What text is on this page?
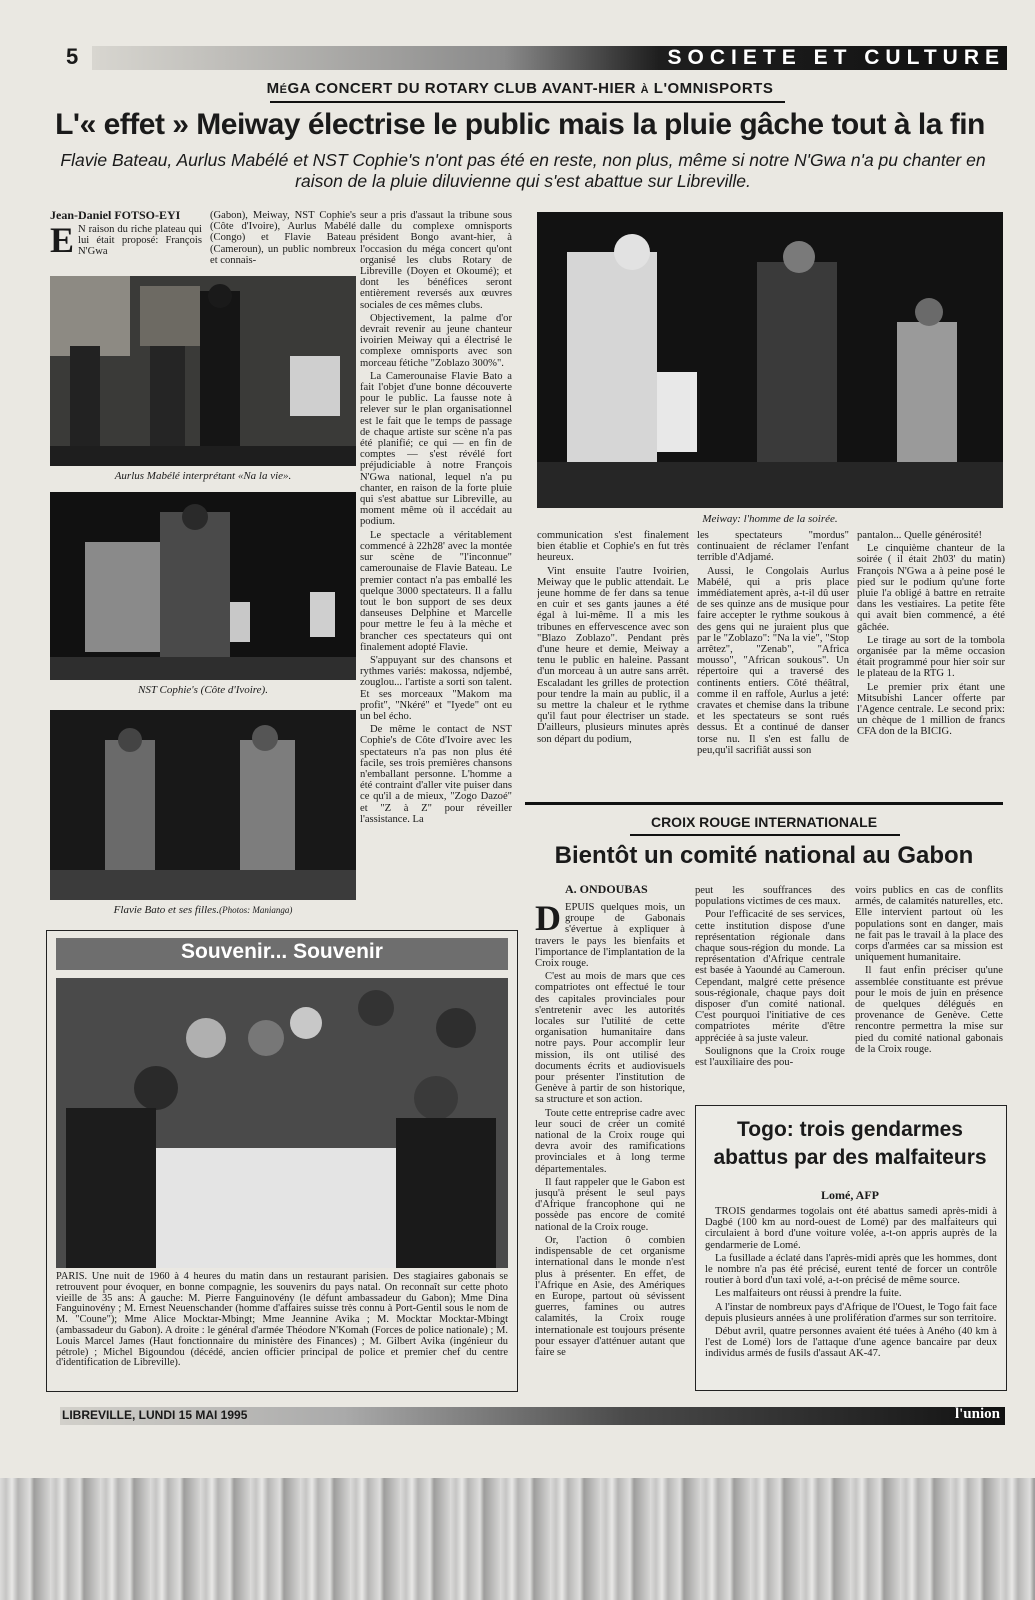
5	SOCIETE ET CULTURE
MéGA CONCERT DU ROTARY CLUB AVANT-HIER à L'OMNISPORTS
L'« effet » Meiway électrise le public mais la pluie gâche tout à la fin
Flavie Bateau, Aurlus Mabélé et NST Cophie's n'ont pas été en reste, non plus, même si notre N'Gwa n'a pu chanter en raison de la pluie diluvienne qui s'est abattue sur Libreville.
Jean-Daniel FOTSO-EYI
E N raison du riche plateau qui lui était proposé: François N'Gwa
(Gabon), Meiway, NST Cophie's (Côte d'Ivoire), Aurlus Mabélé (Congo) et Flavie Bateau (Cameroun), un public nombreux et connais-
Aurlus Mabélé interprétant «Na la vie».
NST Cophie's (Côte d'Ivoire).
Flavie Bato et ses filles.(Photos: Manianga)

seur a pris d'assaut la tribune sous dalle du complexe omnisports président Bongo avant-hier, à l'occasion du méga concert qu'ont organisé les clubs Rotary de Libreville (Doyen et Okoumé); et dont les bénéfices seront entièrement reversés aux œuvres sociales de ces mêmes clubs.

Objectivement, la palme d'or devrait revenir au jeune chanteur ivoirien Meiway qui a électrisé le complexe omnisports avec son morceau fétiche "Zoblazo 300%".

La Camerounaise Flavie Bato a fait l'objet d'une bonne découverte pour le public. La fausse note à relever sur le plan organisationnel est le fait que le temps de passage de chaque artiste sur scène n'a pas été planifié; ce qui — en fin de comptes — s'est révélé fort préjudiciable à notre François N'Gwa national, lequel n'a pu chanter, en raison de la forte pluie qui s'est abattue sur Libreville, au moment même où il accédait au podium.

Le spectacle a véritablement commencé à 22h28' avec la montée sur scène de "l'inconnue" camerounaise de Flavie Bateau. Le premier contact n'a pas emballé les quelque 3000 spectateurs. Il a fallu tout le bon support de ses deux danseuses Delphine et Marcelle pour mettre le feu à la mèche et brancher ces spectateurs qui ont finalement adopté Flavie.

S'appuyant sur des chansons et rythmes variés: makossa, ndjembé, zouglou... l'artiste a sorti son talent. Et ses morceaux "Makom ma profit", "Nkéré" et "Iyede" ont eu un bel écho.

De même le contact de NST Cophie's de Côte d'Ivoire avec les spectateurs n'a pas non plus été facile, ses trois premières chansons n'emballant personne. L'homme a été contraint d'aller vite puiser dans ce qu'il a de mieux, "Zogo Dazoé" et "Z à Z" pour réveiller l'assistance. La

Meiway: l'homme de la soirée.

communication s'est finalement bien établie et Cophie's en fut très heureux.

Vint ensuite l'autre Ivoirien, Meiway que le public attendait. Le jeune homme de fer dans sa tenue en cuir et ses gants jaunes a été égal à lui-même. Il a mis les tribunes en effervescence avec son "Blazo Zoblazo". Pendant près d'une heure et demie, Meiway a tenu le public en haleine. Passant d'un morceau à un autre sans arrêt. Escaladant les grilles de protection pour tendre la main au public, il a su mettre la chaleur et le rythme qu'il faut pour électriser un stade. D'ailleurs, plusieurs minutes après son départ du podium,

les spectateurs "mordus" continuaient de réclamer l'enfant terrible d'Adjamé.

Aussi, le Congolais Aurlus Mabélé, qui a pris place immédiatement après, a-t-il dû user de ses quinze ans de musique pour faire accepter le rythme soukous à des gens qui ne juraient plus que par le "Zoblazo": "Na la vie", "Stop arrêtez", "Zenab", "Africa mousso", "African soukous". Un répertoire qui a traversé des continents entiers. Côté théâtral, comme il en raffole, Aurlus a jeté: cravates et chemise dans la tribune et les spectateurs se sont rués dessus. Et a continué de danser torse nu. Il s'en est fallu de peu,qu'il sacrifiât aussi son

pantalon... Quelle générosité!

Le cinquième chanteur de la soirée ( il était 2h03' du matin) François N'Gwa a à peine posé le pied sur le podium qu'une forte pluie l'a obligé à battre en retraite dans les vestiaires. La petite fête qui avait bien commencé, a été gâchée.

Le tirage au sort de la tombola organisée par la même occasion était programmé pour hier soir sur le plateau de la RTG 1.

Le premier prix étant une Mitsubishi Lancer offerte par l'Agence centrale. Le second prix: un chèque de 1 million de francs CFA don de la BICIG.

Souvenir... Souvenir
PARIS. Une nuit de 1960 à 4 heures du matin dans un restaurant parisien. Des stagiaires gabonais se retrouvent pour évoquer, en bonne compagnie, les souvenirs du pays natal. On reconnaît sur cette photo vieille de 35 ans: A gauche: M. Pierre Fanguinovény (le défunt ambassadeur du Gabon); Mme Dina Fanguinovény ; M. Ernest Neuenschander (homme d'affaires suisse très connu à Port-Gentil sous le nom de M. "Coune"); Mme Alice Mocktar-Mbingt; Mme Jeannine Avika ; M. Mocktar Mocktar-Mbingt (ambassadeur du Gabon). A droite : le général d'armée Théodore N'Komah (Forces de police nationale) ; M. Louis Marcel James (Haut fonctionnaire du ministère des Finances) ; M. Gilbert Avika (ingénieur du pétrole) ; Michel Bigoundou (décédé, ancien officier principal de police et premier chef du centre d'identification de Libreville).
CROIX ROUGE INTERNATIONALE
Bientôt un comité national au Gabon
A. ONDOUBAS

DEPUIS quelques mois, un groupe de Gabonais s'évertue à expliquer à travers le pays les bienfaits et l'importance de l'implantation de la Croix rouge.

C'est au mois de mars que ces compatriotes ont effectué le tour des capitales provinciales pour s'entretenir avec les autorités locales sur l'utilité de cette organisation humanitaire dans notre pays. Pour accomplir leur mission, ils ont utilisé des documents écrits et audiovisuels pour présenter l'institution de Genève à partir de son historique, sa structure et son action.

Toute cette entreprise cadre avec leur souci de créer un comité national de la Croix rouge qui devra avoir des ramifications provinciales et à long terme départementales.

Il faut rappeler que le Gabon est jusqu'à présent le seul pays d'Afrique francophone qui ne possède pas encore de comité national de la Croix rouge.

Or, l'action ô combien indispensable de cet organisme international dans le monde n'est plus à présenter. En effet, de l'Afrique en Asie, des Amériques en Europe, partout où sévissent guerres, famines ou autres calamités, la Croix rouge internationale est toujours présente pour essayer d'atténuer autant que faire se

peut les souffrances des populations victimes de ces maux.

Pour l'efficacité de ses services, cette institution dispose d'une représentation régionale dans chaque sous-région du monde. La représentation d'Afrique centrale est basée à Yaoundé au Cameroun. Cependant, malgré cette présence sous-régionale, chaque pays doit disposer d'un comité national. C'est pourquoi l'initiative de ces compatriotes mérite d'être appréciée à sa juste valeur.

Soulignons que la Croix rouge est l'auxiliaire des pou-

voirs publics en cas de conflits armés, de calamités naturelles, etc. Elle intervient partout où les populations sont en danger, mais ne fait pas le travail à la place des corps d'armées car sa mission est uniquement humanitaire.

Il faut enfin préciser qu'une assemblée constituante est prévue pour le mois de juin en présence de quelques délégués en provenance de Genève. Cette rencontre permettra la mise sur pied du comité national gabonais de la Croix rouge.

Togo: trois gendarmes abattus par des malfaiteurs
Lomé, AFP

TROIS gendarmes togolais ont été abattus samedi après-midi à Dagbé (100 km au nord-ouest de Lomé) par des malfaiteurs qui circulaient à bord d'une voiture volée, a-t-on appris auprès de la gendarmerie de Lomé.

La fusillade a éclaté dans l'après-midi après que les hommes, dont le nombre n'a pas été précisé, eurent tenté de forcer un contrôle routier à bord d'un taxi volé, a-t-on précisé de même source.

Les malfaiteurs ont réussi à prendre la fuite.

A l'instar de nombreux pays d'Afrique de l'Ouest, le Togo fait face depuis plusieurs années à une prolifération d'armes sur son territoire.

Début avril, quatre personnes avaient été tuées à Aného (40 km à l'est de Lomé) lors de l'attaque d'une agence bancaire par deux individus armés de fusils d'assaut AK-47.

LIBREVILLE, LUNDI 15 MAI 1995	l'union
